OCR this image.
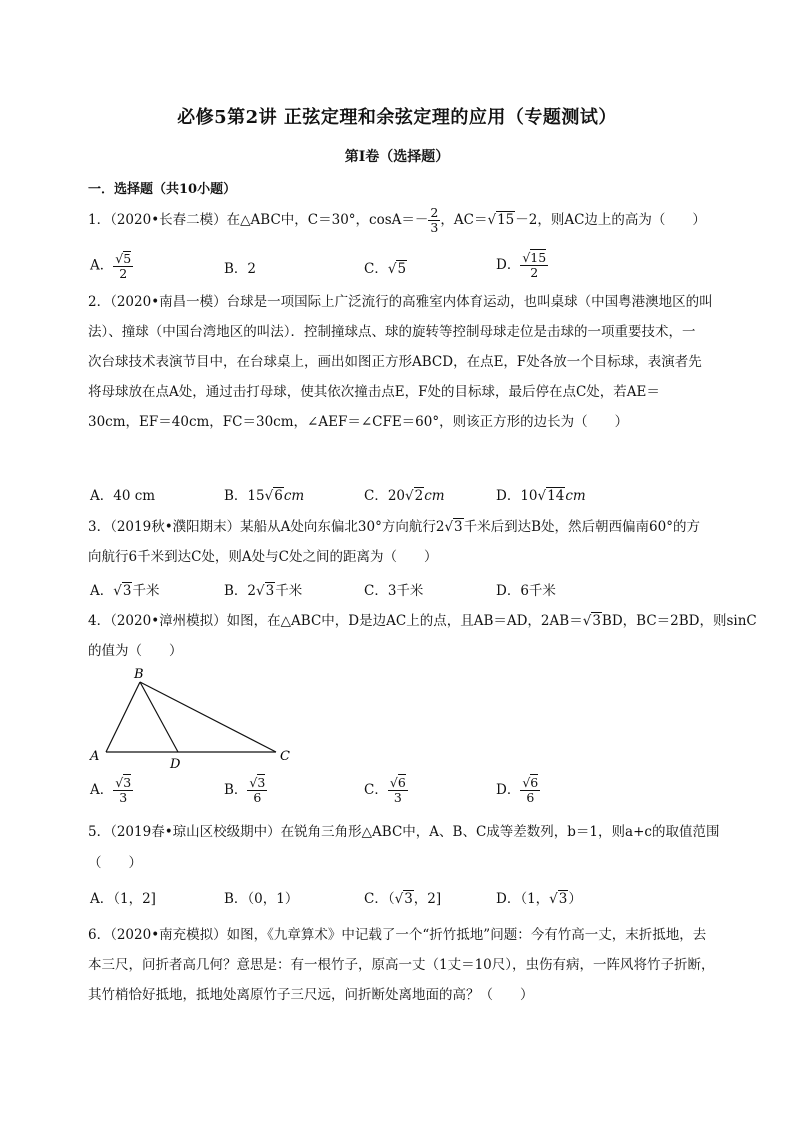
必修5第2讲 正弦定理和余弦定理的应用（专题测试）
第Ⅰ卷（选择题）
一．选择题（共10小题）
1．（2020•长春二模）在△ABC中，C＝30°，$\cos A=- \frac{2}{3}$ ，AC＝√15－2，则AC边上的高为（　　）
A． $\frac{√5}{2}$	B．2	C．√5	D． $\frac{√15}{2}$
2．（2020•南昌一模）台球是一项国际上广泛流行的高雅室内体育运动，也叫桌球（中国粤港澳地区的叫
法）、撞球（中国台湾地区的叫法）．控制撞球点、球的旋转等控制母球走位是击球的一项重要技术，一
次台球技术表演节目中，在台球桌上，画出如图正方形ABCD，在点E，F处各放一个目标球，表演者先
将母球放在点A处，通过击打母球，使其依次撞击点E，F处的目标球，最后停在点C处，若AE＝
30cm，EF＝40cm，FC＝30cm，∠AEF＝∠CFE＝60°，则该正方形的边长为（　　）
A．40 cm	B．15√6cm	C．20√2cm	D．10√14cm
3．（2019秋•濮阳期末）某船从A处向东偏北30°方向航行2√3千米后到达B处，然后朝西偏南60°的方
向航行6千米到达C处，则A处与C处之间的距离为（　　）
A．√3千米	B．2√3千米	C．3千米	D．6千米
4．（2020•漳州模拟）如图，在△ABC中，D是边AC上的点，且AB＝AD，2AB＝√3BD，BC＝2BD，则sinC
的值为（　　）
B
A
D
C
A． $\frac{√3}{3}$	B． $\frac{√3}{6}$	C． $\frac{√6}{3}$	D． $\frac{√6}{6}$
5．（2019春•琼山区校级期中）在锐角三角形△ABC中，A、B、C成等差数列，b＝1，则a+c的取值范围
（　　）
A．（1，2]	B．（0，1）	C．（√3，2]	D．（1，√3）
6．（2020•南充模拟）如图，《九章算术》中记载了一个“折竹抵地”问题：今有竹高一丈，末折抵地，去
本三尺，问折者高几何？意思是：有一根竹子，原高一丈（1丈＝10尺），虫伤有病，一阵风将竹子折断，
其竹梢恰好抵地，抵地处离原竹子三尺远，问折断处离地面的高？（　　）
